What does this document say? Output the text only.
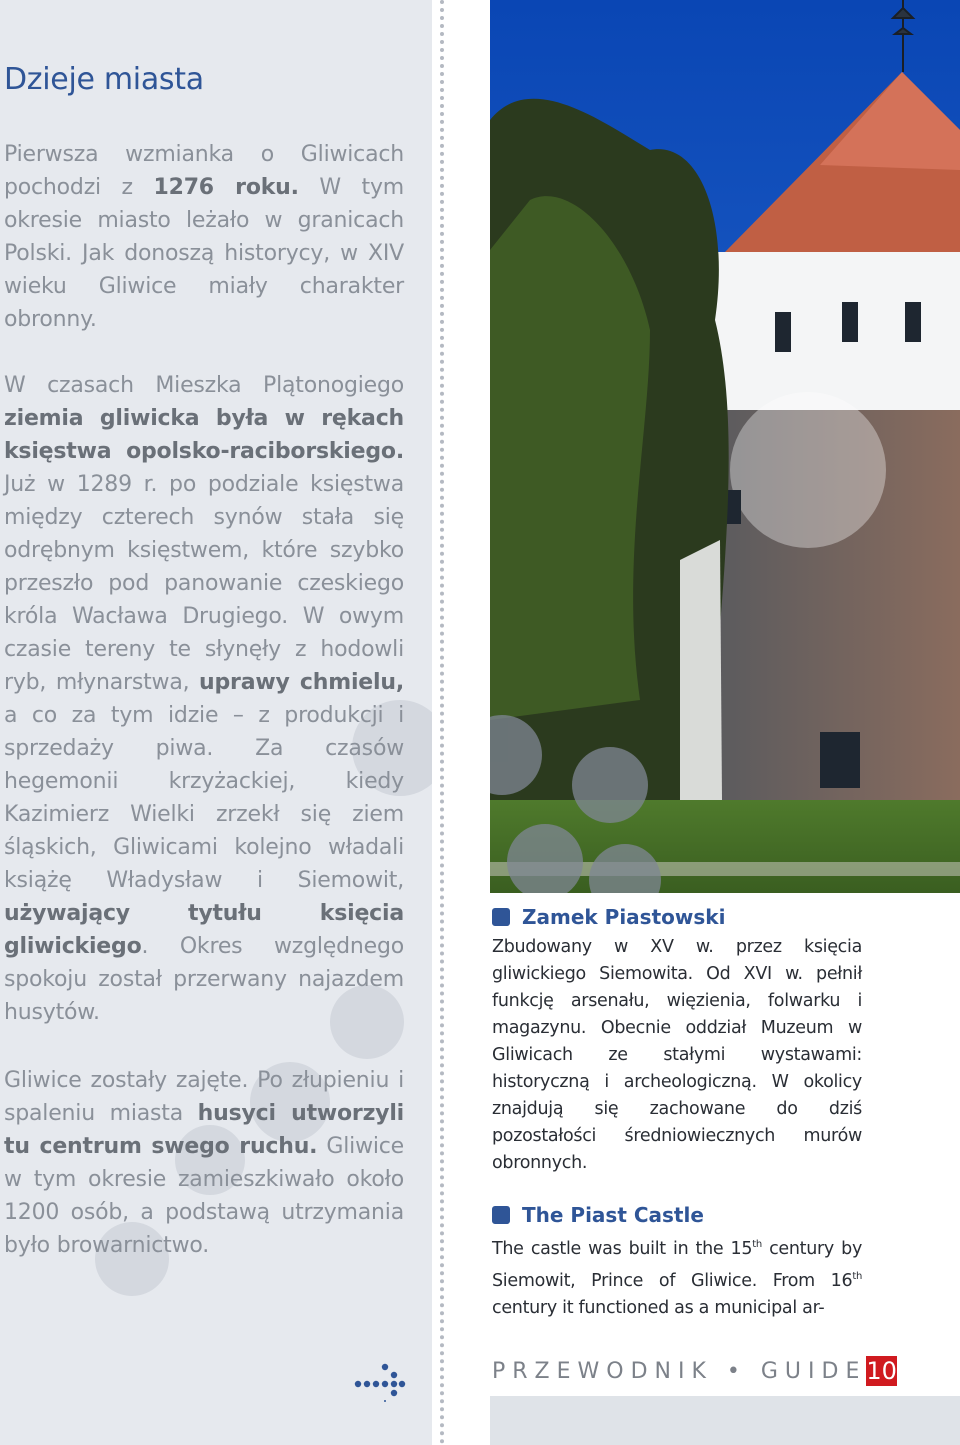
Dzieje miasta

Pierwsza wzmianka o Gliwicach pochodzi z 1276 roku. W tym okresie miasto leżało w granicach Polski. Jak donoszą historycy, w XIV wieku Gliwice miały charakter obronny.

W czasach Mieszka Plątonogiego ziemia gliwicka była w rękach księstwa opolsko-raciborskiego. Już w 1289 r. po podziale księstwa między czterech synów stała się odrębnym księstwem, które szybko przeszło pod panowanie czeskiego króla Wacława Drugiego. W owym czasie tereny te słynęły z hodowli ryb, młynarstwa, uprawy chmielu, a co za tym idzie – z produkcji i sprzedaży piwa. Za czasów hegemonii krzyżackiej, kiedy Kazimierz Wielki zrzekł się ziem śląskich, Gliwicami kolejno władali książę Władysław i Siemowit, używający tytułu księcia gliwickiego. Okres względnego spokoju został przerwany najazdem husytów.

Gliwice zostały zajęte. Po złupieniu i spaleniu miasta husyci utworzyli tu centrum swego ruchu. Gliwice w tym okresie zamieszkiwało około 1200 osób, a podstawą utrzymania było browarnictwo.

Zamek Piastowski

Zbudowany w XV w. przez księcia gliwickiego Siemowita. Od XVI w. pełnił funkcję arsenału, więzienia, folwarku i magazynu. Obecnie oddział Muzeum w Gliwicach ze stałymi wystawami: historyczną i archeologiczną. W okolicy znajdują się zachowane do dziś pozostałości średniowiecznych murów obronnych.

The Piast Castle

The castle was built in the 15th century by Siemowit, Prince of Gliwice. From 16th century it functioned as a municipal ar-

PRZEWODNIK • GUIDE 10
